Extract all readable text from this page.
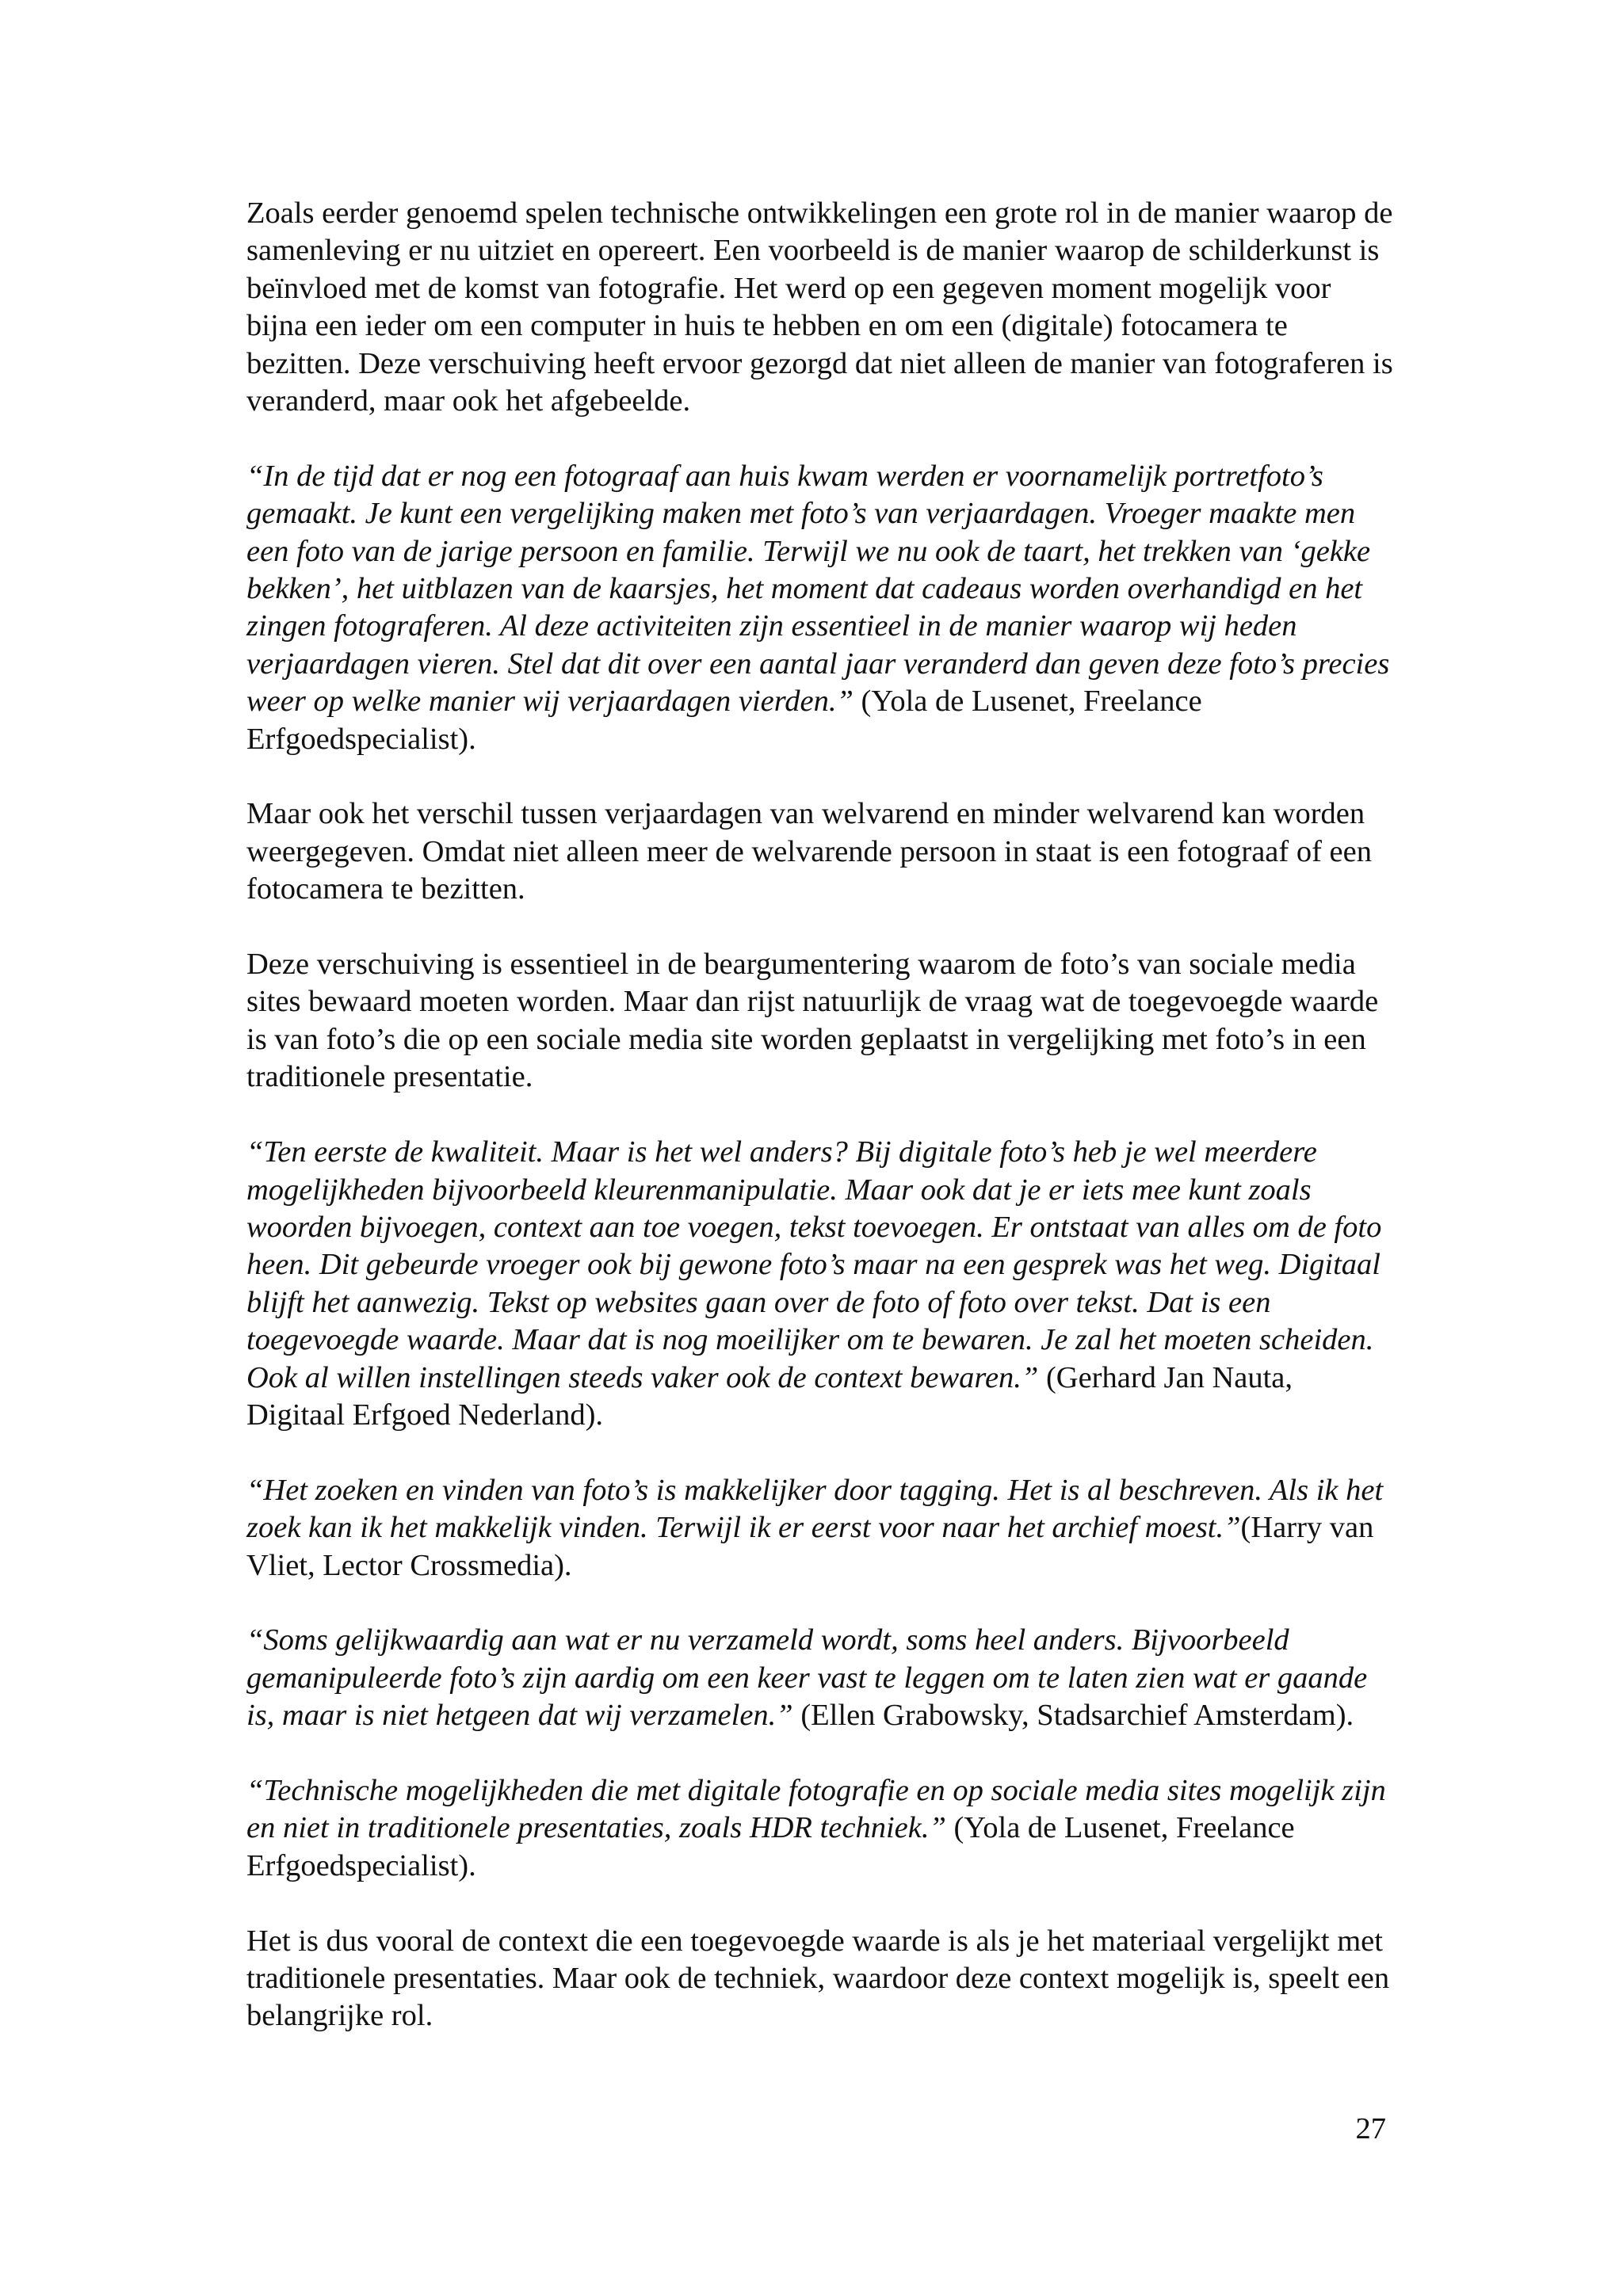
Zoals eerder genoemd spelen technische ontwikkelingen een grote rol in de manier waarop de samenleving er nu uitziet en opereert. Een voorbeeld is de manier waarop de schilderkunst is beïnvloed met de komst van fotografie. Het werd op een gegeven moment mogelijk voor bijna een ieder om een computer in huis te hebben en om een (digitale) fotocamera te bezitten. Deze verschuiving heeft ervoor gezorgd dat niet alleen de manier van fotograferen is veranderd, maar ook het afgebeelde.

“In de tijd dat er nog een fotograaf aan huis kwam werden er voornamelijk portretfoto’s gemaakt. Je kunt een vergelijking maken met foto’s van verjaardagen. Vroeger maakte men een foto van de jarige persoon en familie. Terwijl we nu ook de taart, het trekken van ‘gekke bekken’, het uitblazen van de kaarsjes, het moment dat cadeaus worden overhandigd en het zingen fotograferen. Al deze activiteiten zijn essentieel in de manier waarop wij heden verjaardagen vieren. Stel dat dit over een aantal jaar veranderd dan geven deze foto’s precies weer op welke manier wij verjaardagen vierden.” (Yola de Lusenet, Freelance Erfgoedspecialist).

Maar ook het verschil tussen verjaardagen van welvarend en minder welvarend kan worden weergegeven. Omdat niet alleen meer de welvarende persoon in staat is een fotograaf of een fotocamera te bezitten.

Deze verschuiving is essentieel in de beargumentering waarom de foto’s van sociale media sites bewaard moeten worden. Maar dan rijst natuurlijk de vraag wat de toegevoegde waarde is van foto’s die op een sociale media site worden geplaatst in vergelijking met foto’s in een traditionele presentatie.

“Ten eerste de kwaliteit. Maar is het wel anders? Bij digitale foto’s heb je wel meerdere mogelijkheden bijvoorbeeld kleurenmanipulatie. Maar ook dat je er iets mee kunt zoals woorden bijvoegen, context aan toe voegen, tekst toevoegen. Er ontstaat van alles om de foto heen. Dit gebeurde vroeger ook bij gewone foto’s maar na een gesprek was het weg. Digitaal blijft het aanwezig. Tekst op websites gaan over de foto of foto over tekst. Dat is een toegevoegde waarde. Maar dat is nog moeilijker om te bewaren. Je zal het moeten scheiden. Ook al willen instellingen steeds vaker ook de context bewaren.” (Gerhard Jan Nauta, Digitaal Erfgoed Nederland).

“Het zoeken en vinden van foto’s is makkelijker door tagging. Het is al beschreven. Als ik het zoek kan ik het makkelijk vinden. Terwijl ik er eerst voor naar het archief moest.”(Harry van Vliet, Lector Crossmedia).

“Soms gelijkwaardig aan wat er nu verzameld wordt, soms heel anders. Bijvoorbeeld gemanipuleerde foto’s zijn aardig om een keer vast te leggen om te laten zien wat er gaande is, maar is niet hetgeen dat wij verzamelen.” (Ellen Grabowsky, Stadsarchief Amsterdam).

“Technische mogelijkheden die met digitale fotografie en op sociale media sites mogelijk zijn en niet in traditionele presentaties, zoals HDR techniek.” (Yola de Lusenet, Freelance Erfgoedspecialist).

Het is dus vooral de context die een toegevoegde waarde is als je het materiaal vergelijkt met traditionele presentaties. Maar ook de techniek, waardoor deze context mogelijk is, speelt een belangrijke rol.

27
